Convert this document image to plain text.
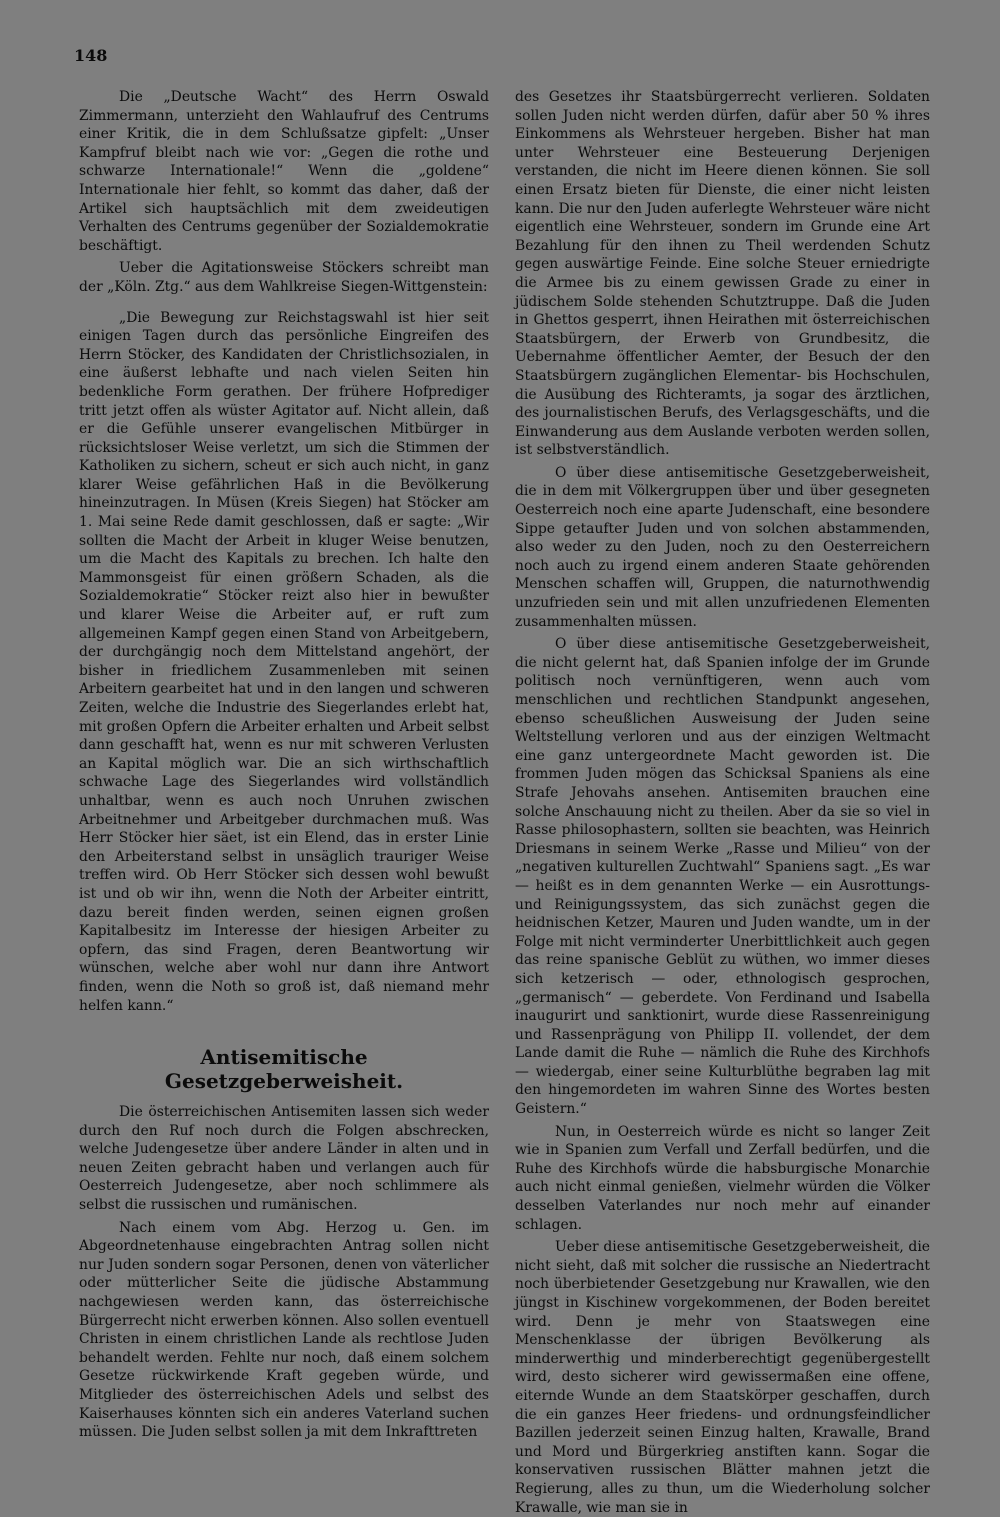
148

Die „Deutsche Wacht“ des Herrn Oswald Zimmermann, unterzieht den Wahlaufruf des Centrums einer Kritik, die in dem Schlußsatze gipfelt: „Unser Kampfruf bleibt nach wie vor: „Gegen die rothe und schwarze Internationale!“ Wenn die „goldene“ Internationale hier fehlt, so kommt das daher, daß der Artikel sich hauptsächlich mit dem zweideutigen Verhalten des Centrums gegenüber der Sozialdemokratie beschäftigt.

Ueber die Agitationsweise Stöckers schreibt man der „Köln. Ztg.“ aus dem Wahlkreise Siegen-Wittgenstein:

„Die Bewegung zur Reichstagswahl ist hier seit einigen Tagen durch das persönliche Eingreifen des Herrn Stöcker, des Kandidaten der Christlichsozialen, in eine äußerst lebhafte und nach vielen Seiten hin bedenkliche Form gerathen. Der frühere Hofprediger tritt jetzt offen als wüster Agitator auf. Nicht allein, daß er die Gefühle unserer evangelischen Mitbürger in rücksichtsloser Weise verletzt, um sich die Stimmen der Katholiken zu sichern, scheut er sich auch nicht, in ganz klarer Weise gefährlichen Haß in die Bevölkerung hineinzutragen. In Müsen (Kreis Siegen) hat Stöcker am 1. Mai seine Rede damit geschlossen, daß er sagte: „Wir sollten die Macht der Arbeit in kluger Weise benutzen, um die Macht des Kapitals zu brechen. Ich halte den Mammonsgeist für einen größern Schaden, als die Sozialdemokratie“ Stöcker reizt also hier in bewußter und klarer Weise die Arbeiter auf, er ruft zum allgemeinen Kampf gegen einen Stand von Arbeitgebern, der durchgängig noch dem Mittelstand angehört, der bisher in friedlichem Zusammenleben mit seinen Arbeitern gearbeitet hat und in den langen und schweren Zeiten, welche die Industrie des Siegerlandes erlebt hat, mit großen Opfern die Arbeiter erhalten und Arbeit selbst dann geschafft hat, wenn es nur mit schweren Verlusten an Kapital möglich war. Die an sich wirthschaftlich schwache Lage des Siegerlandes wird vollständlich unhaltbar, wenn es auch noch Unruhen zwischen Arbeitnehmer und Arbeitgeber durchmachen muß. Was Herr Stöcker hier säet, ist ein Elend, das in erster Linie den Arbeiterstand selbst in unsäglich trauriger Weise treffen wird. Ob Herr Stöcker sich dessen wohl bewußt ist und ob wir ihn, wenn die Noth der Arbeiter eintritt, dazu bereit finden werden, seinen eignen großen Kapitalbesitz im Interesse der hiesigen Arbeiter zu opfern, das sind Fragen, deren Beantwortung wir wünschen, welche aber wohl nur dann ihre Antwort finden, wenn die Noth so groß ist, daß niemand mehr helfen kann.“

Antisemitische Gesetzgeberweisheit.

Die österreichischen Antisemiten lassen sich weder durch den Ruf noch durch die Folgen abschrecken, welche Judengesetze über andere Länder in alten und in neuen Zeiten gebracht haben und verlangen auch für Oesterreich Judengesetze, aber noch schlimmere als selbst die russischen und rumänischen.

Nach einem vom Abg. Herzog u. Gen. im Abgeordnetenhause eingebrachten Antrag sollen nicht nur Juden sondern sogar Personen, denen von väterlicher oder mütterlicher Seite die jüdische Abstammung nachgewiesen werden kann, das österreichische Bürgerrecht nicht erwerben können. Also sollen eventuell Christen in einem christlichen Lande als rechtlose Juden behandelt werden. Fehlte nur noch, daß einem solchem Gesetze rückwirkende Kraft gegeben würde, und Mitglieder des österreichischen Adels und selbst des Kaiserhauses könnten sich ein anderes Vaterland suchen müssen. Die Juden selbst sollen ja mit dem Inkrafttreten

des Gesetzes ihr Staatsbürgerrecht verlieren. Soldaten sollen Juden nicht werden dürfen, dafür aber 50 % ihres Einkommens als Wehrsteuer hergeben. Bisher hat man unter Wehrsteuer eine Besteuerung Derjenigen verstanden, die nicht im Heere dienen können. Sie soll einen Ersatz bieten für Dienste, die einer nicht leisten kann. Die nur den Juden auferlegte Wehrsteuer wäre nicht eigentlich eine Wehrsteuer, sondern im Grunde eine Art Bezahlung für den ihnen zu Theil werdenden Schutz gegen auswärtige Feinde. Eine solche Steuer erniedrigte die Armee bis zu einem gewissen Grade zu einer in jüdischem Solde stehenden Schutztruppe. Daß die Juden in Ghettos gesperrt, ihnen Heirathen mit österreichischen Staatsbürgern, der Erwerb von Grundbesitz, die Uebernahme öffentlicher Aemter, der Besuch der den Staatsbürgern zugänglichen Elementar- bis Hochschulen, die Ausübung des Richteramts, ja sogar des ärztlichen, des journalistischen Berufs, des Verlagsgeschäfts, und die Einwanderung aus dem Auslande verboten werden sollen, ist selbstverständlich.

O über diese antisemitische Gesetzgeberweisheit, die in dem mit Völkergruppen über und über gesegneten Oesterreich noch eine aparte Judenschaft, eine besondere Sippe getaufter Juden und von solchen abstammenden, also weder zu den Juden, noch zu den Oesterreichern noch auch zu irgend einem anderen Staate gehörenden Menschen schaffen will, Gruppen, die naturnothwendig unzufrieden sein und mit allen unzufriedenen Elementen zusammenhalten müssen.

O über diese antisemitische Gesetzgeberweisheit, die nicht gelernt hat, daß Spanien infolge der im Grunde politisch noch vernünftigeren, wenn auch vom menschlichen und rechtlichen Standpunkt angesehen, ebenso scheußlichen Ausweisung der Juden seine Weltstellung verloren und aus der einzigen Weltmacht eine ganz untergeordnete Macht geworden ist. Die frommen Juden mögen das Schicksal Spaniens als eine Strafe Jehovahs ansehen. Antisemiten brauchen eine solche Anschauung nicht zu theilen. Aber da sie so viel in Rasse philosophastern, sollten sie beachten, was Heinrich Driesmans in seinem Werke „Rasse und Milieu“ von der „negativen kulturellen Zuchtwahl“ Spaniens sagt. „Es war — heißt es in dem genannten Werke — ein Ausrottungs- und Reinigungssystem, das sich zunächst gegen die heidnischen Ketzer, Mauren und Juden wandte, um in der Folge mit nicht verminderter Unerbittlichkeit auch gegen das reine spanische Geblüt zu wüthen, wo immer dieses sich ketzerisch — oder, ethnologisch gesprochen, „germanisch“ — geberdete. Von Ferdinand und Isabella inaugurirt und sanktionirt, wurde diese Rassenreinigung und Rassenprägung von Philipp II. vollendet, der dem Lande damit die Ruhe — nämlich die Ruhe des Kirchhofs — wiedergab, einer seine Kulturblüthe begraben lag mit den hingemordeten im wahren Sinne des Wortes besten Geistern.“

Nun, in Oesterreich würde es nicht so langer Zeit wie in Spanien zum Verfall und Zerfall bedürfen, und die Ruhe des Kirchhofs würde die habsburgische Monarchie auch nicht einmal genießen, vielmehr würden die Völker desselben Vaterlandes nur noch mehr auf einander schlagen.

Ueber diese antisemitische Gesetzgeberweisheit, die nicht sieht, daß mit solcher die russische an Niedertracht noch überbietender Gesetzgebung nur Krawallen, wie den jüngst in Kischinew vorgekommenen, der Boden bereitet wird. Denn je mehr von Staatswegen eine Menschenklasse der übrigen Bevölkerung als minderwerthig und minderberechtigt gegenübergestellt wird, desto sicherer wird gewissermaßen eine offene, eiternde Wunde an dem Staatskörper geschaffen, durch die ein ganzes Heer friedens- und ordnungsfeindlicher Bazillen jederzeit seinen Einzug halten, Krawalle, Brand und Mord und Bürgerkrieg anstiften kann. Sogar die konservativen russischen Blätter mahnen jetzt die Regierung, alles zu thun, um die Wiederholung solcher Krawalle, wie man sie in
